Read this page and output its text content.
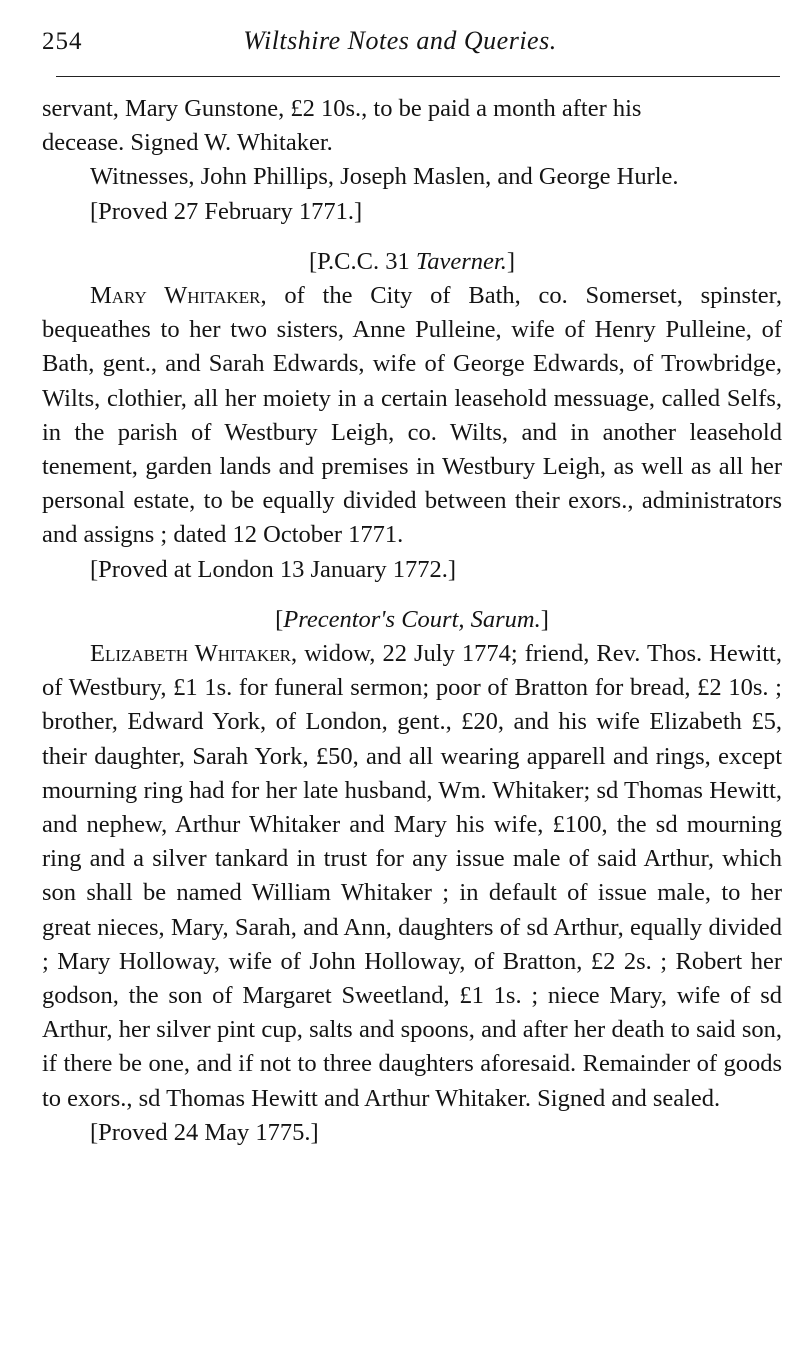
254	Wiltshire Notes and Queries.

servant, Mary Gunstone, £2 10s., to be paid a month after his

decease. Signed W. Whitaker.

Witnesses, John Phillips, Joseph Maslen, and George Hurle.

[Proved 27 February 1771.]

[P.C.C. 31 Taverner.]

Mary Whitaker, of the City of Bath, co. Somerset, spinster, bequeathes to her two sisters, Anne Pulleine, wife of Henry Pulleine, of Bath, gent., and Sarah Edwards, wife of George Edwards, of Trowbridge, Wilts, clothier, all her moiety in a certain leasehold messuage, called Selfs, in the parish of Westbury Leigh, co. Wilts, and in another leasehold tenement, garden lands and premises in Westbury Leigh, as well as all her personal estate, to be equally divided between their exors., administrators and assigns ; dated 12 October 1771.

[Proved at London 13 January 1772.]

[Precentor's Court, Sarum.]

Elizabeth Whitaker, widow, 22 July 1774; friend, Rev. Thos. Hewitt, of Westbury, £1 1s. for funeral sermon; poor of Bratton for bread, £2 10s. ; brother, Edward York, of London, gent., £20, and his wife Elizabeth £5, their daughter, Sarah York, £50, and all wearing apparell and rings, except mourning ring had for her late husband, Wm. Whitaker; sd Thomas Hewitt, and nephew, Arthur Whitaker and Mary his wife, £100, the sd mourning ring and a silver tankard in trust for any issue male of said Arthur, which son shall be named William Whitaker ; in default of issue male, to her great nieces, Mary, Sarah, and Ann, daughters of sd Arthur, equally divided ; Mary Holloway, wife of John Holloway, of Bratton, £2 2s. ; Robert her godson, the son of Margaret Sweetland, £1 1s. ; niece Mary, wife of sd Arthur, her silver pint cup, salts and spoons, and after her death to said son, if there be one, and if not to three daughters aforesaid. Remainder of goods to exors., sd Thomas Hewitt and Arthur Whitaker. Signed and sealed.

[Proved 24 May 1775.]
